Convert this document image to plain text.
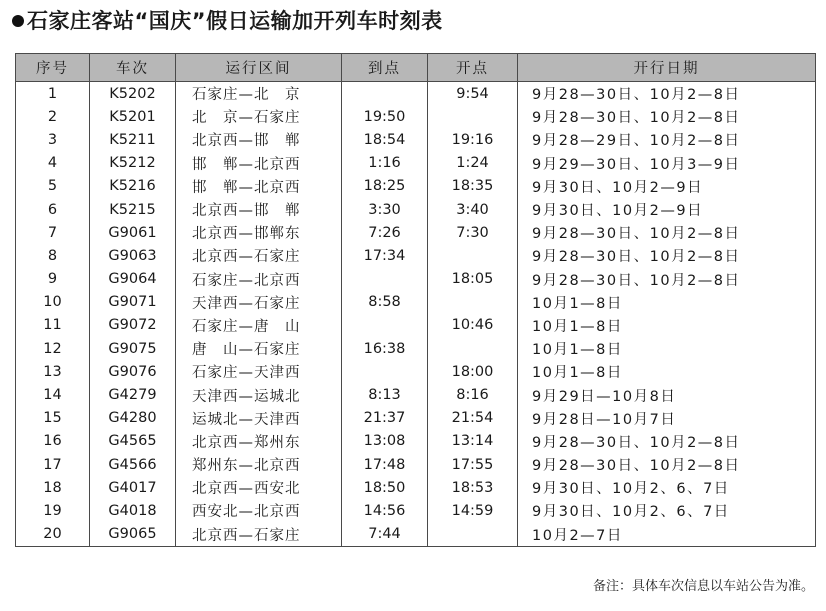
石家庄客站“国庆”假日运输加开列车时刻表
序号	车次	运行区间	到点	开点	开行日期
1	K5202	石家庄—北　京		9:54	9月28—30日、10月2—8日
2	K5201	北　京—石家庄	19:50		9月28—30日、10月2—8日
3	K5211	北京西—邯　郸	18:54	19:16	9月28—29日、10月2—8日
4	K5212	邯　郸—北京西	1:16	1:24	9月29—30日、10月3—9日
5	K5216	邯　郸—北京西	18:25	18:35	9月30日、10月2—9日
6	K5215	北京西—邯　郸	3:30	3:40	9月30日、10月2—9日
7	G9061	北京西—邯郸东	7:26	7:30	9月28—30日、10月2—8日
8	G9063	北京西—石家庄	17:34		9月28—30日、10月2—8日
9	G9064	石家庄—北京西		18:05	9月28—30日、10月2—8日
10	G9071	天津西—石家庄	8:58		10月1—8日
11	G9072	石家庄—唐　山		10:46	10月1—8日
12	G9075	唐　山—石家庄	16:38		10月1—8日
13	G9076	石家庄—天津西		18:00	10月1—8日
14	G4279	天津西—运城北	8:13	8:16	9月29日—10月8日
15	G4280	运城北—天津西	21:37	21:54	9月28日—10月7日
16	G4565	北京西—郑州东	13:08	13:14	9月28—30日、10月2—8日
17	G4566	郑州东—北京西	17:48	17:55	9月28—30日、10月2—8日
18	G4017	北京西—西安北	18:50	18:53	9月30日、10月2、6、7日
19	G4018	西安北—北京西	14:56	14:59	9月30日、10月2、6、7日
20	G9065	北京西—石家庄	7:44		10月2—7日
备注：具体车次信息以车站公告为准。
